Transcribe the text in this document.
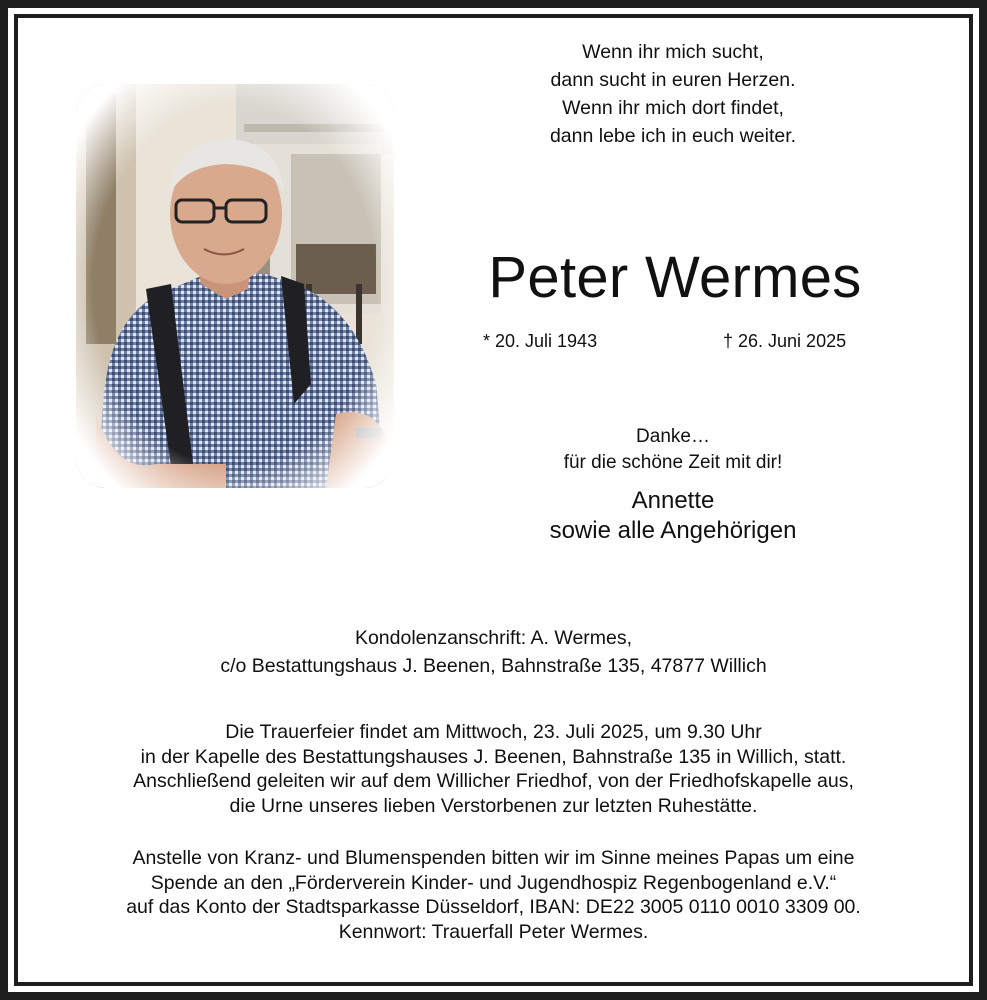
Wenn ihr mich sucht,
dann sucht in euren Herzen.
Wenn ihr mich dort findet,
dann lebe ich in euch weiter.
Peter Wermes
* 20. Juli 1943	† 26. Juni 2025
Danke…
für die schöne Zeit mit dir!
Annette
sowie alle Angehörigen
Kondolenzanschrift: A. Wermes,
c/o Bestattungshaus J. Beenen, Bahnstraße 135, 47877 Willich
Die Trauerfeier findet am Mittwoch, 23. Juli 2025, um 9.30 Uhr
in der Kapelle des Bestattungshauses J. Beenen, Bahnstraße 135 in Willich, statt.
Anschließend geleiten wir auf dem Willicher Friedhof, von der Friedhofskapelle aus,
die Urne unseres lieben Verstorbenen zur letzten Ruhestätte.
Anstelle von Kranz- und Blumenspenden bitten wir im Sinne meines Papas um eine
Spende an den „Förderverein Kinder- und Jugendhospiz Regenbogenland e.V.“
auf das Konto der Stadtsparkasse Düsseldorf, IBAN: DE22 3005 0110 0010 3309 00.
Kennwort: Trauerfall Peter Wermes.
